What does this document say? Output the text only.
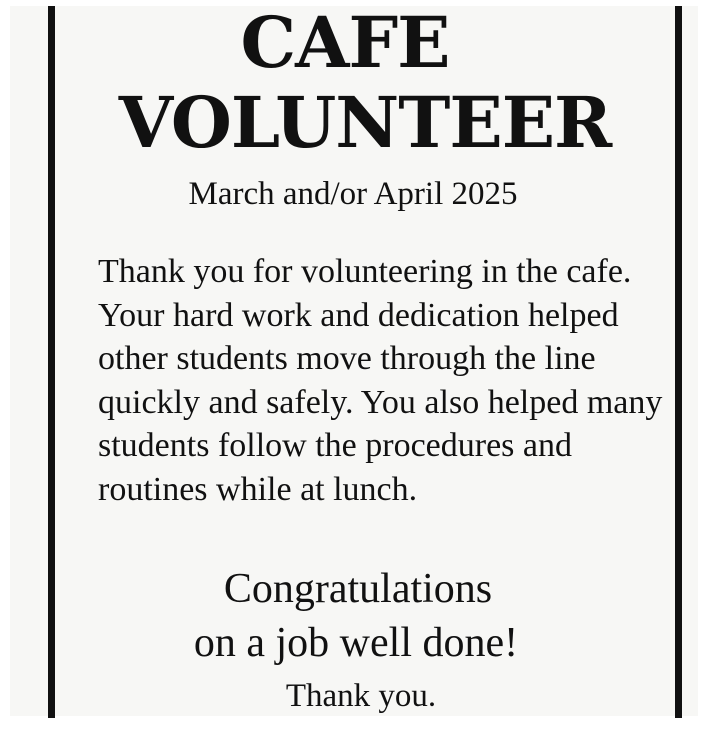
CAFE
VOLUNTEER

March and/or April 2025

Thank you for volunteering in the cafe. Your hard work and dedication helped other students move through the line quickly and safely. You also helped many students follow the procedures and routines while at lunch.

Congratulations

on a job well done!

Thank you.
